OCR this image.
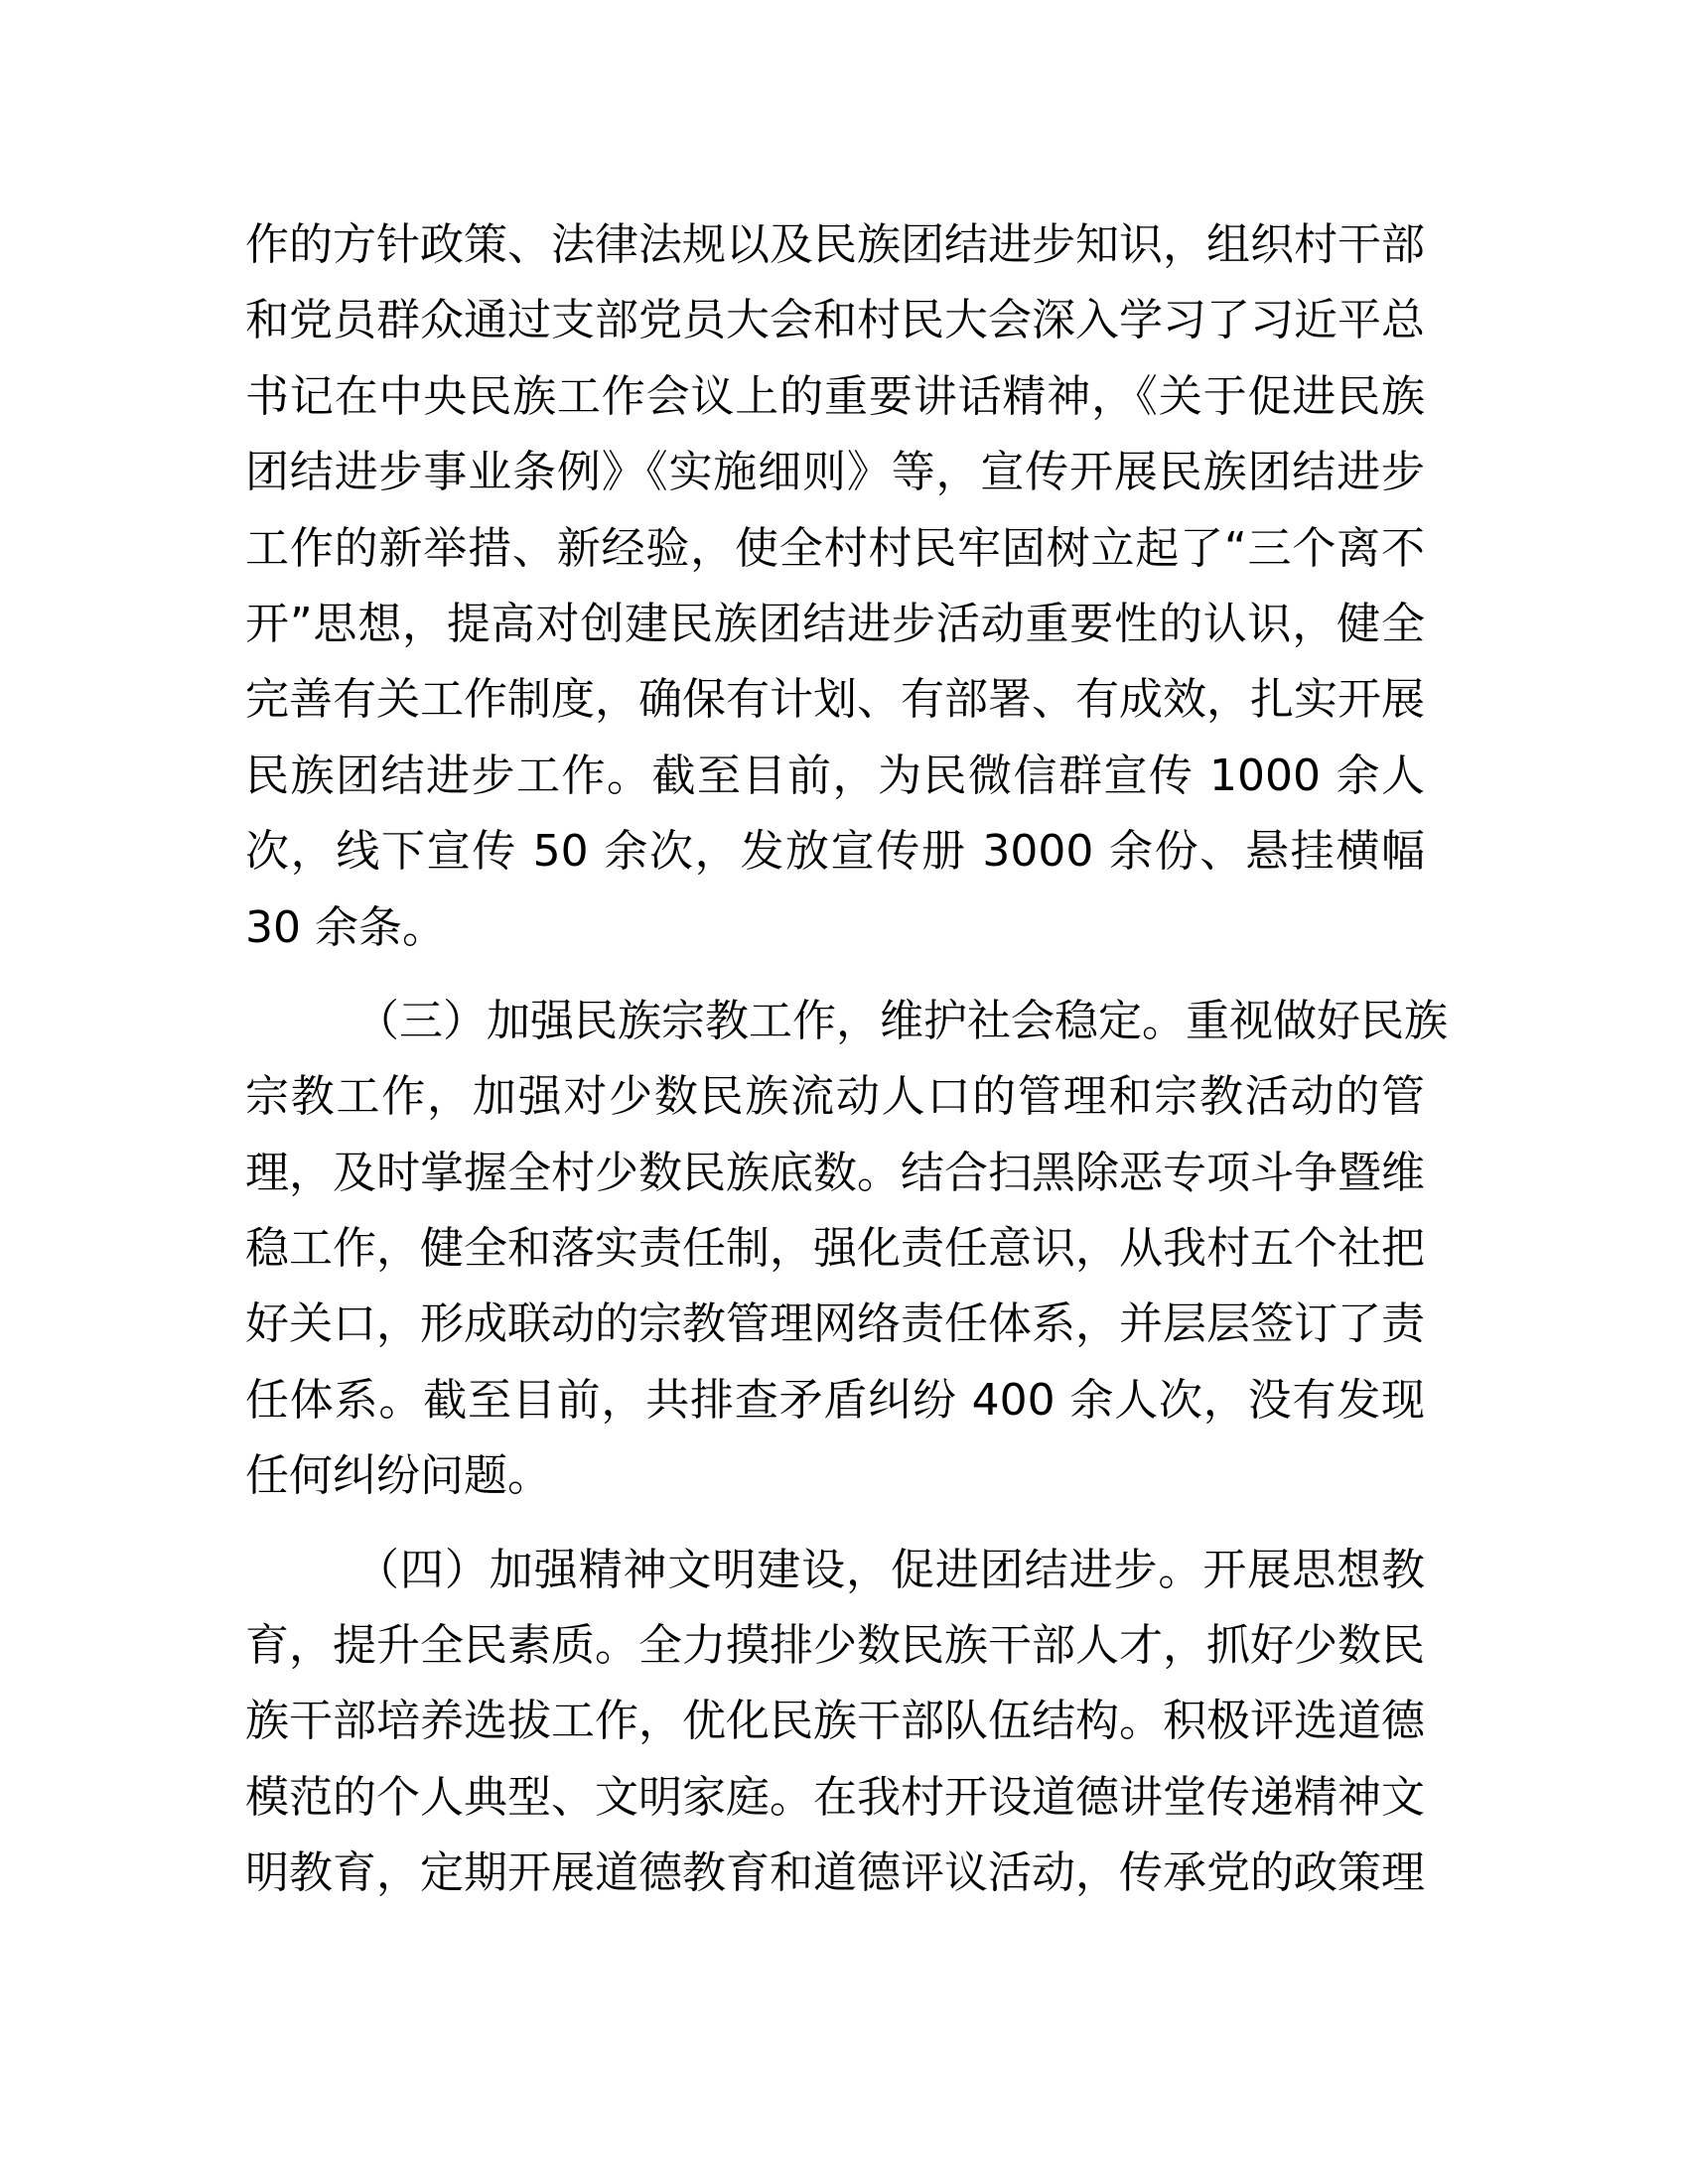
作的方针政策、法律法规以及民族团结进步知识，组织村干部
和党员群众通过支部党员大会和村民大会深入学习了习近平总
书记在中央民族工作会议上的重要讲话精神，《关于促进民族
团结进步事业条例》《实施细则》等，宣传开展民族团结进步
工作的新举措、新经验，使全村村民牢固树立起了“三个离不
开”思想，提高对创建民族团结进步活动重要性的认识，健全
完善有关工作制度，确保有计划、有部署、有成效，扎实开展
民族团结进步工作。截至目前，为民微信群宣传 1000 余人
次，线下宣传 50 余次，发放宣传册 3000 余份、悬挂横幅
30 余条。
（三）加强民族宗教工作，维护社会稳定。重视做好民族
宗教工作，加强对少数民族流动人口的管理和宗教活动的管
理，及时掌握全村少数民族底数。结合扫黑除恶专项斗争暨维
稳工作，健全和落实责任制，强化责任意识，从我村五个社把
好关口，形成联动的宗教管理网络责任体系，并层层签订了责
任体系。截至目前，共排查矛盾纠纷 400 余人次，没有发现
任何纠纷问题。
（四）加强精神文明建设，促进团结进步。开展思想教
育，提升全民素质。全力摸排少数民族干部人才，抓好少数民
族干部培养选拔工作，优化民族干部队伍结构。积极评选道德
模范的个人典型、文明家庭。在我村开设道德讲堂传递精神文
明教育，定期开展道德教育和道德评议活动，传承党的政策理
